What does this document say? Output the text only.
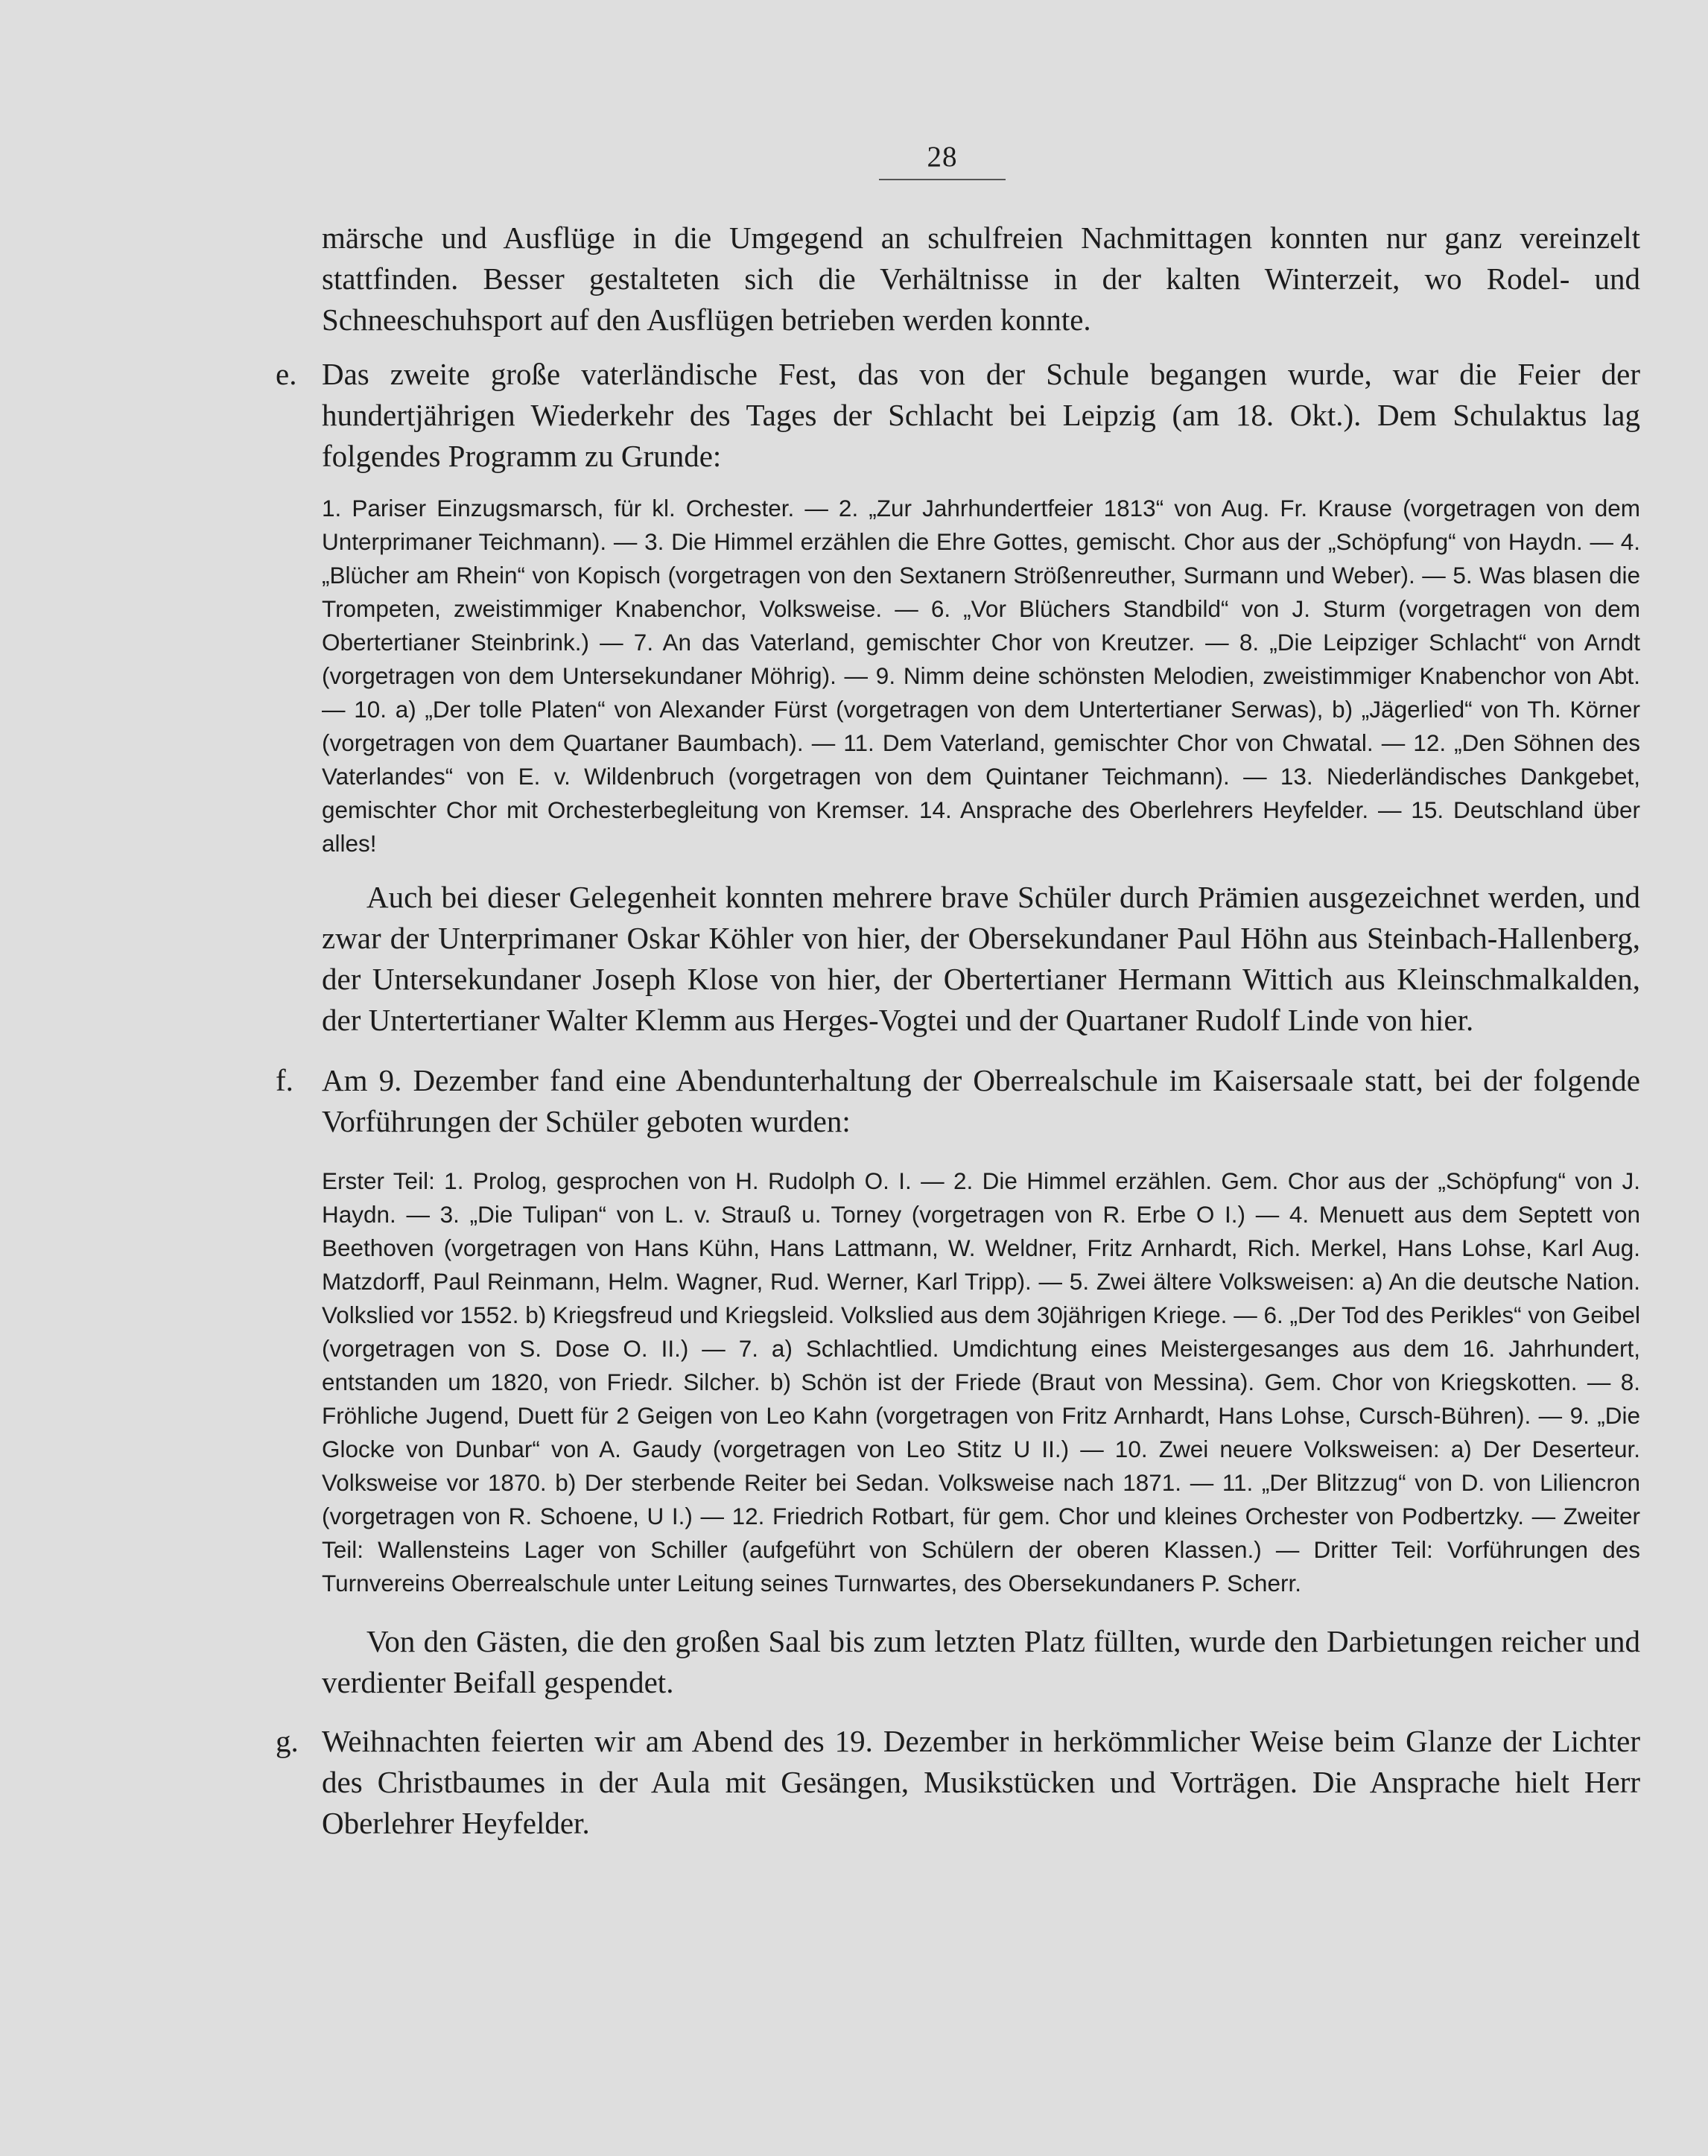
28

märsche und Ausflüge in die Umgegend an schulfreien Nachmittagen konnten nur ganz vereinzelt stattfinden. Besser gestalteten sich die Verhältnisse in der kalten Winterzeit, wo Rodel- und Schneeschuhsport auf den Ausflügen betrieben werden konnte.

e. Das zweite große vaterländische Fest, das von der Schule begangen wurde, war die Feier der hundertjährigen Wiederkehr des Tages der Schlacht bei Leipzig (am 18. Okt.). Dem Schulaktus lag folgendes Programm zu Grunde:

1. Pariser Einzugsmarsch, für kl. Orchester. — 2. „Zur Jahrhundertfeier 1813“ von Aug. Fr. Krause (vorgetragen von dem Unterprimaner Teichmann). — 3. Die Himmel erzählen die Ehre Gottes, gemischt. Chor aus der „Schöpfung“ von Haydn. — 4. „Blücher am Rhein“ von Kopisch (vorgetragen von den Sextanern Strößenreuther, Surmann und Weber). — 5. Was blasen die Trompeten, zweistimmiger Knabenchor, Volksweise. — 6. „Vor Blüchers Standbild“ von J. Sturm (vorgetragen von dem Obertertianer Steinbrink.) — 7. An das Vaterland, gemischter Chor von Kreutzer. — 8. „Die Leipziger Schlacht“ von Arndt (vorgetragen von dem Untersekundaner Möhrig). — 9. Nimm deine schönsten Melodien, zweistimmiger Knabenchor von Abt. — 10. a) „Der tolle Platen“ von Alexander Fürst (vorgetragen von dem Untertertianer Serwas), b) „Jägerlied“ von Th. Körner (vorgetragen von dem Quartaner Baumbach). — 11. Dem Vaterland, gemischter Chor von Chwatal. — 12. „Den Söhnen des Vaterlandes“ von E. v. Wildenbruch (vorgetragen von dem Quintaner Teichmann). — 13. Niederländisches Dankgebet, gemischter Chor mit Orchesterbegleitung von Kremser. 14. Ansprache des Oberlehrers Heyfelder. — 15. Deutschland über alles!

Auch bei dieser Gelegenheit konnten mehrere brave Schüler durch Prämien ausgezeichnet werden, und zwar der Unterprimaner Oskar Köhler von hier, der Obersekundaner Paul Höhn aus Steinbach-Hallenberg, der Untersekundaner Joseph Klose von hier, der Obertertianer Hermann Wittich aus Kleinschmalkalden, der Untertertianer Walter Klemm aus Herges-Vogtei und der Quartaner Rudolf Linde von hier.

f. Am 9. Dezember fand eine Abendunterhaltung der Oberrealschule im Kaisersaale statt, bei der folgende Vorführungen der Schüler geboten wurden:

Erster Teil: 1. Prolog, gesprochen von H. Rudolph O. I. — 2. Die Himmel erzählen. Gem. Chor aus der „Schöpfung“ von J. Haydn. — 3. „Die Tulipan“ von L. v. Strauß u. Torney (vorgetragen von R. Erbe O I.) — 4. Menuett aus dem Septett von Beethoven (vorgetragen von Hans Kühn, Hans Lattmann, W. Weldner, Fritz Arnhardt, Rich. Merkel, Hans Lohse, Karl Aug. Matzdorff, Paul Reinmann, Helm. Wagner, Rud. Werner, Karl Tripp). — 5. Zwei ältere Volksweisen: a) An die deutsche Nation. Volkslied vor 1552. b) Kriegsfreud und Kriegsleid. Volkslied aus dem 30jährigen Kriege. — 6. „Der Tod des Perikles“ von Geibel (vorgetragen von S. Dose O. II.) — 7. a) Schlachtlied. Umdichtung eines Meistergesanges aus dem 16. Jahrhundert, entstanden um 1820, von Friedr. Silcher. b) Schön ist der Friede (Braut von Messina). Gem. Chor von Kriegskotten. — 8. Fröhliche Jugend, Duett für 2 Geigen von Leo Kahn (vorgetragen von Fritz Arnhardt, Hans Lohse, Cursch-Bühren). — 9. „Die Glocke von Dunbar“ von A. Gaudy (vorgetragen von Leo Stitz U II.) — 10. Zwei neuere Volksweisen: a) Der Deserteur. Volksweise vor 1870. b) Der sterbende Reiter bei Sedan. Volksweise nach 1871. — 11. „Der Blitzzug“ von D. von Liliencron (vorgetragen von R. Schoene, U I.) — 12. Friedrich Rotbart, für gem. Chor und kleines Orchester von Podbertzky. — Zweiter Teil: Wallensteins Lager von Schiller (aufgeführt von Schülern der oberen Klassen.) — Dritter Teil: Vorführungen des Turnvereins Oberrealschule unter Leitung seines Turnwartes, des Obersekundaners P. Scherr.

Von den Gästen, die den großen Saal bis zum letzten Platz füllten, wurde den Darbietungen reicher und verdienter Beifall gespendet.

g. Weihnachten feierten wir am Abend des 19. Dezember in herkömmlicher Weise beim Glanze der Lichter des Christbaumes in der Aula mit Gesängen, Musikstücken und Vorträgen. Die Ansprache hielt Herr Oberlehrer Heyfelder.
